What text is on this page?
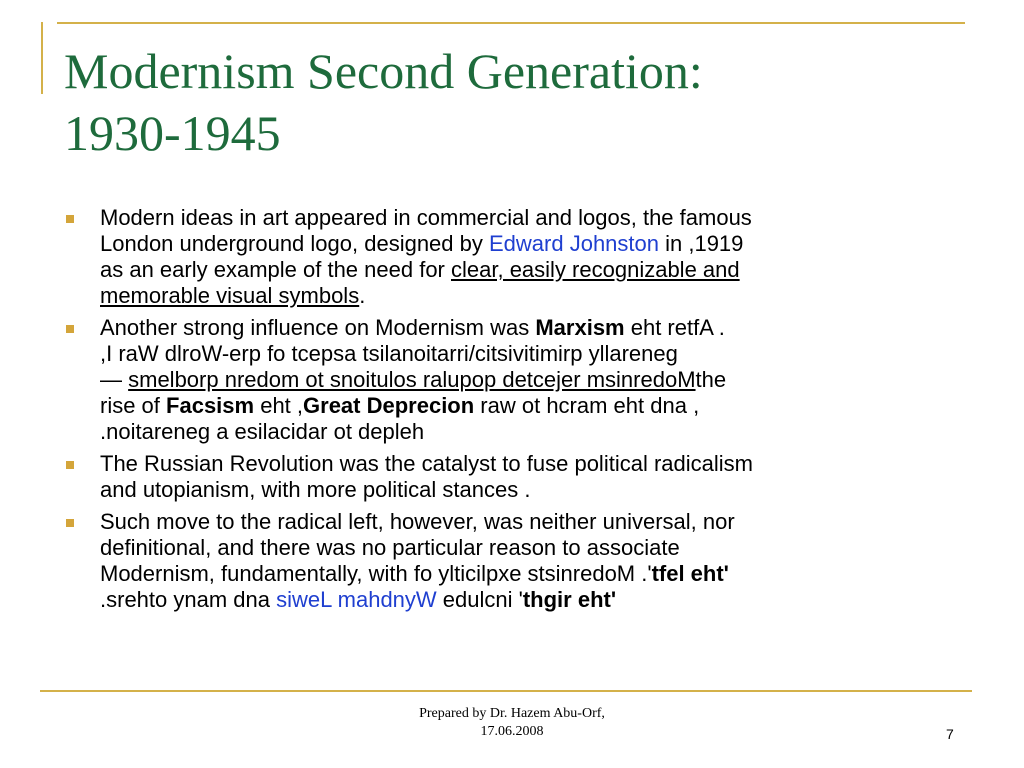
Modernism Second Generation:
1930-1945
Modern ideas in art appeared in commercial and logos, the famous
London underground logo, designed by Edward Johnston in ,1919
as an early example of the need for clear, easily recognizable and
memorable visual symbols.
Another strong influence on Modernism was Marxism eht retfA .
,I raW dlroW-erp fo tcepsa tsilanoitarri/citsivitimirp yllareneg
— smelborp nredom ot snoitulos ralupop detcejer msinredoMthe
rise of Facsism eht ,Great Deprecion raw ot hcram eht dna ,
.noitareneg a esilacidar ot depleh
The Russian Revolution was the catalyst to fuse political radicalism
and utopianism, with more political stances .
Such move to the radical left, however, was neither universal, nor
definitional, and there was no particular reason to associate
Modernism, fundamentally, with fo ylticilpxe stsinredoM .'tfel eht'
.srehto ynam dna siweL mahdnyW edulcni 'thgir eht'
Prepared by Dr. Hazem Abu-Orf,
17.06.2008	7
